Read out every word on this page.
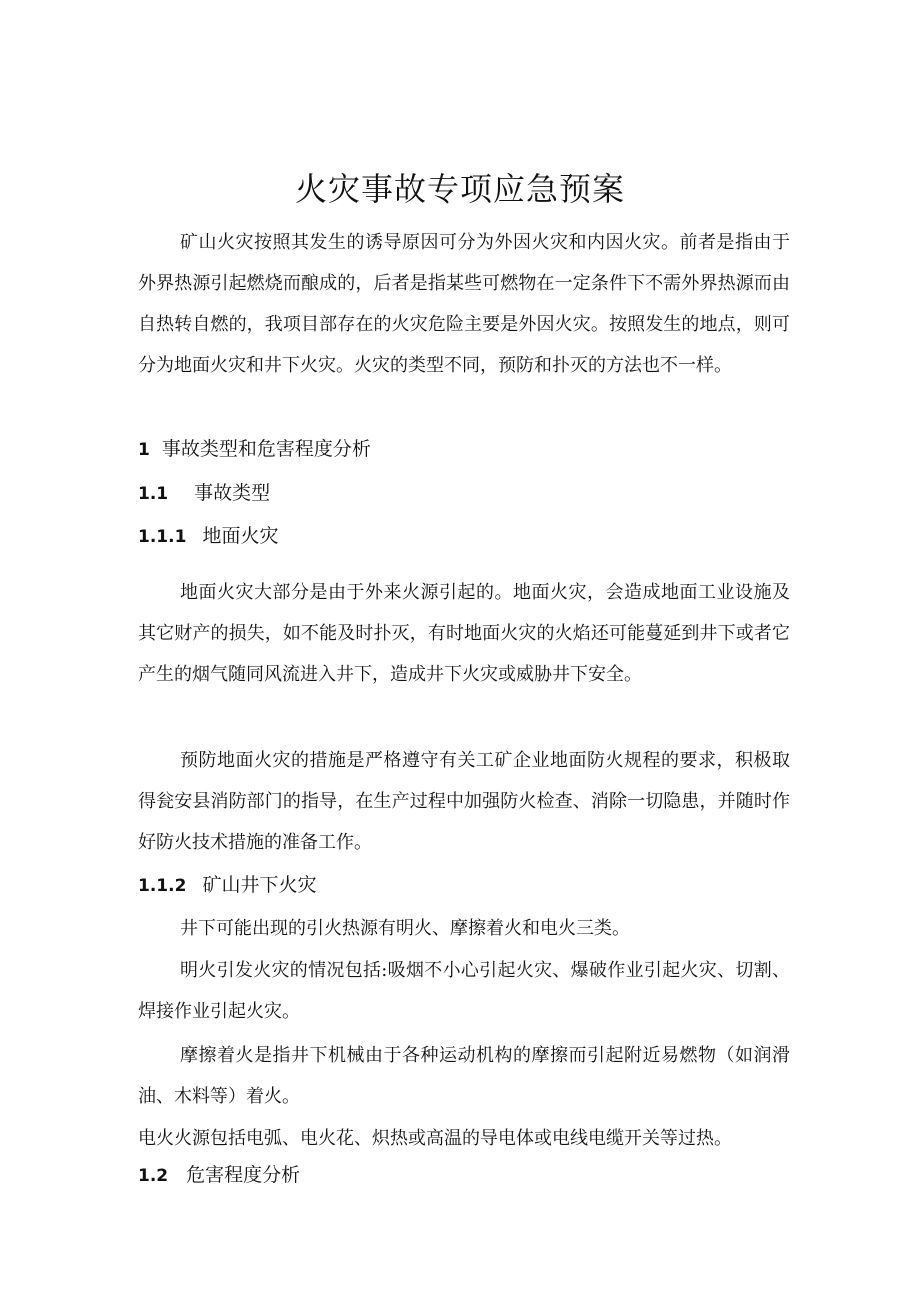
火灾事故专项应急预案

矿山火灾按照其发生的诱导原因可分为外因火灾和内因火灾。前者是指由于外界热源引起燃烧而酿成的，后者是指某些可燃物在一定条件下不需外界热源而由自热转自燃的，我项目部存在的火灾危险主要是外因火灾。按照发生的地点，则可分为地面火灾和井下火灾。火灾的类型不同，预防和扑灭的方法也不一样。

1 事故类型和危害程度分析
1.1 事故类型
1.1.1 地面火灾

地面火灾大部分是由于外来火源引起的。地面火灾，会造成地面工业设施及其它财产的损失，如不能及时扑灭，有时地面火灾的火焰还可能蔓延到井下或者它产生的烟气随同风流进入井下，造成井下火灾或威胁井下安全。

预防地面火灾的措施是严格遵守有关工矿企业地面防火规程的要求，积极取得瓮安县消防部门的指导，在生产过程中加强防火检查、消除一切隐患，并随时作好防火技术措施的准备工作。

1.1.2 矿山井下火灾

井下可能出现的引火热源有明火、摩擦着火和电火三类。

明火引发火灾的情况包括:吸烟不小心引起火灾、爆破作业引起火灾、切割、焊接作业引起火灾。

摩擦着火是指井下机械由于各种运动机构的摩擦而引起附近易燃物（如润滑油、木料等）着火。

电火火源包括电弧、电火花、炽热或高温的导电体或电线电缆开关等过热。

1.2 危害程度分析
